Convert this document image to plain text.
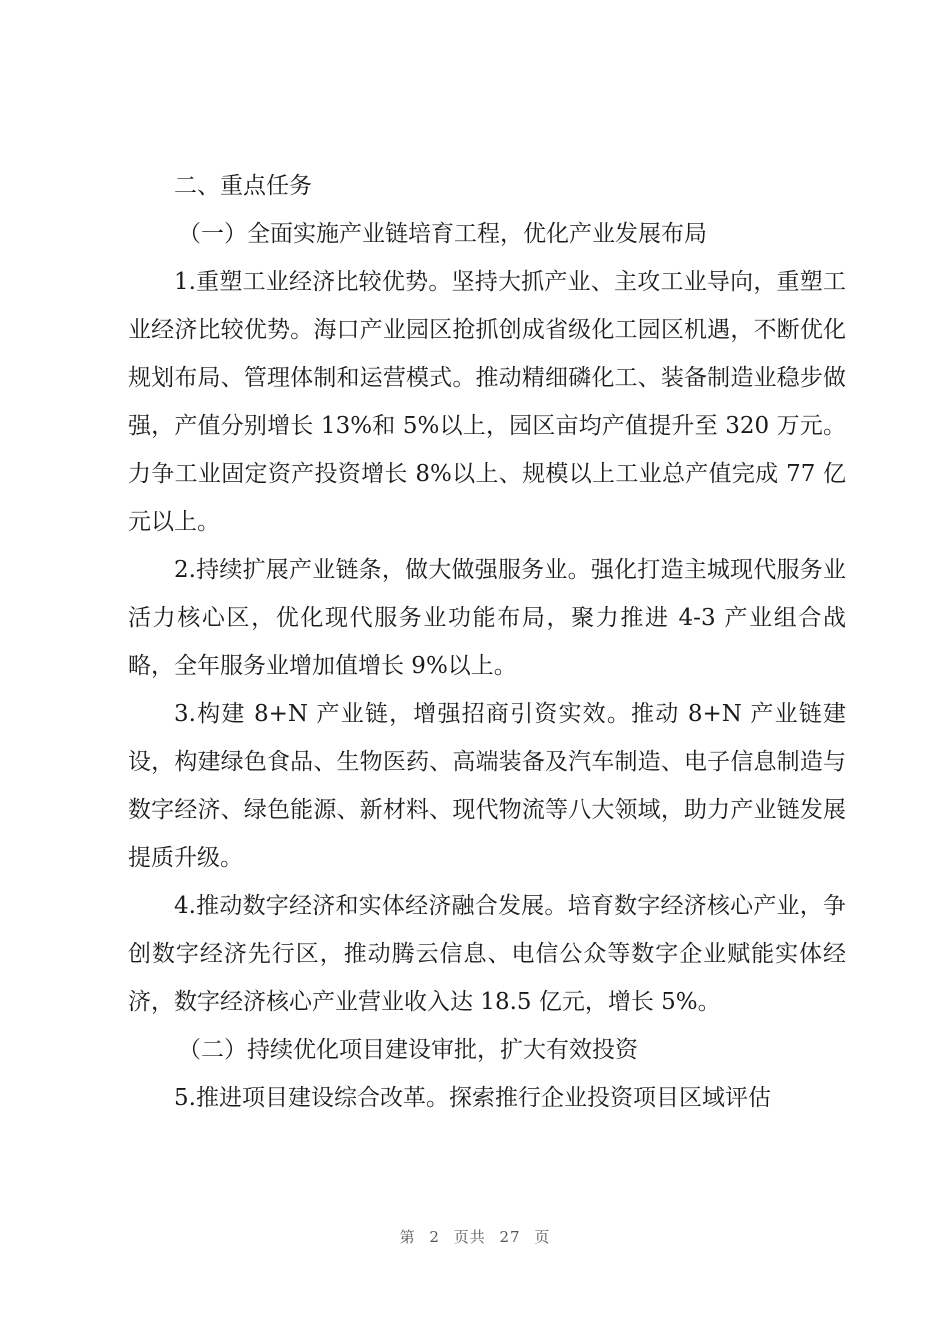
二、重点任务

（一）全面实施产业链培育工程，优化产业发展布局

1.重塑工业经济比较优势。坚持大抓产业、主攻工业导向，重塑工业经济比较优势。海口产业园区抢抓创成省级化工园区机遇，不断优化规划布局、管理体制和运营模式。推动精细磷化工、装备制造业稳步做强，产值分别增长 13%和 5%以上，园区亩均产值提升至 320 万元。力争工业固定资产投资增长 8%以上、规模以上工业总产值完成 77 亿元以上。

2.持续扩展产业链条，做大做强服务业。强化打造主城现代服务业活力核心区，优化现代服务业功能布局，聚力推进 4-3 产业组合战略，全年服务业增加值增长 9%以上。

3.构建 8+N 产业链，增强招商引资实效。推动 8+N 产业链建设，构建绿色食品、生物医药、高端装备及汽车制造、电子信息制造与数字经济、绿色能源、新材料、现代物流等八大领域，助力产业链发展提质升级。

4.推动数字经济和实体经济融合发展。培育数字经济核心产业，争创数字经济先行区，推动腾云信息、电信公众等数字企业赋能实体经济，数字经济核心产业营业收入达 18.5 亿元，增长 5%。

（二）持续优化项目建设审批，扩大有效投资

5.推进项目建设综合改革。探索推行企业投资项目区域评估

第 2 页共 27 页
